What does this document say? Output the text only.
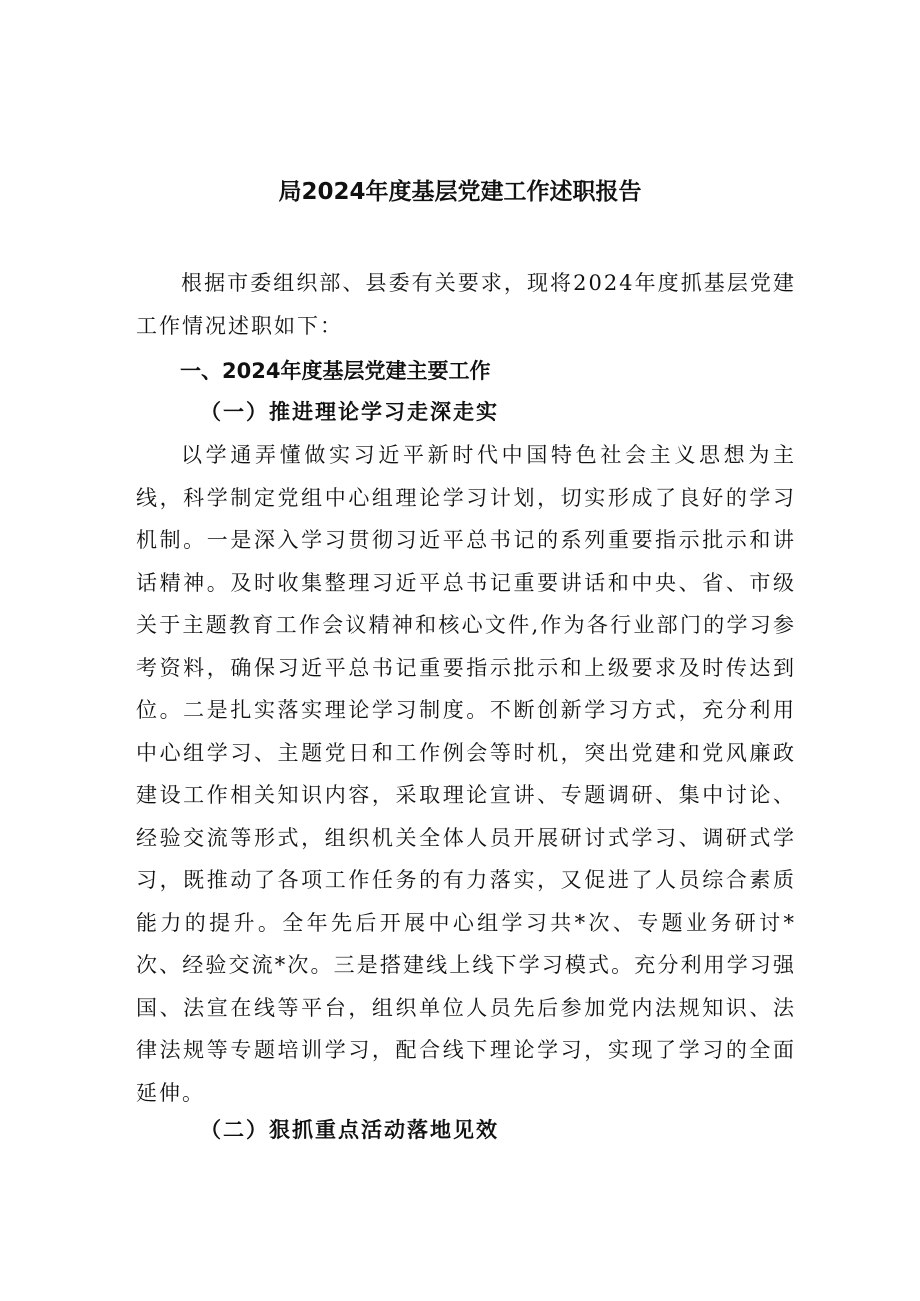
局2024年度基层党建工作述职报告

根据市委组织部、县委有关要求，现将2024年度抓基层党建工作情况述职如下：

一、2024年度基层党建主要工作
（一）推进理论学习走深走实

以学通弄懂做实习近平新时代中国特色社会主义思想为主线，科学制定党组中心组理论学习计划，切实形成了良好的学习机制。一是深入学习贯彻习近平总书记的系列重要指示批示和讲话精神。及时收集整理习近平总书记重要讲话和中央、省、市级关于主题教育工作会议精神和核心文件,作为各行业部门的学习参考资料，确保习近平总书记重要指示批示和上级要求及时传达到位。二是扎实落实理论学习制度。不断创新学习方式，充分利用中心组学习、主题党日和工作例会等时机，突出党建和党风廉政建设工作相关知识内容，采取理论宣讲、专题调研、集中讨论、经验交流等形式，组织机关全体人员开展研讨式学习、调研式学习，既推动了各项工作任务的有力落实，又促进了人员综合素质能力的提升。全年先后开展中心组学习共*次、专题业务研讨*次、经验交流*次。三是搭建线上线下学习模式。充分利用学习强国、法宣在线等平台，组织单位人员先后参加党内法规知识、法律法规等专题培训学习，配合线下理论学习，实现了学习的全面延伸。

（二）狠抓重点活动落地见效
